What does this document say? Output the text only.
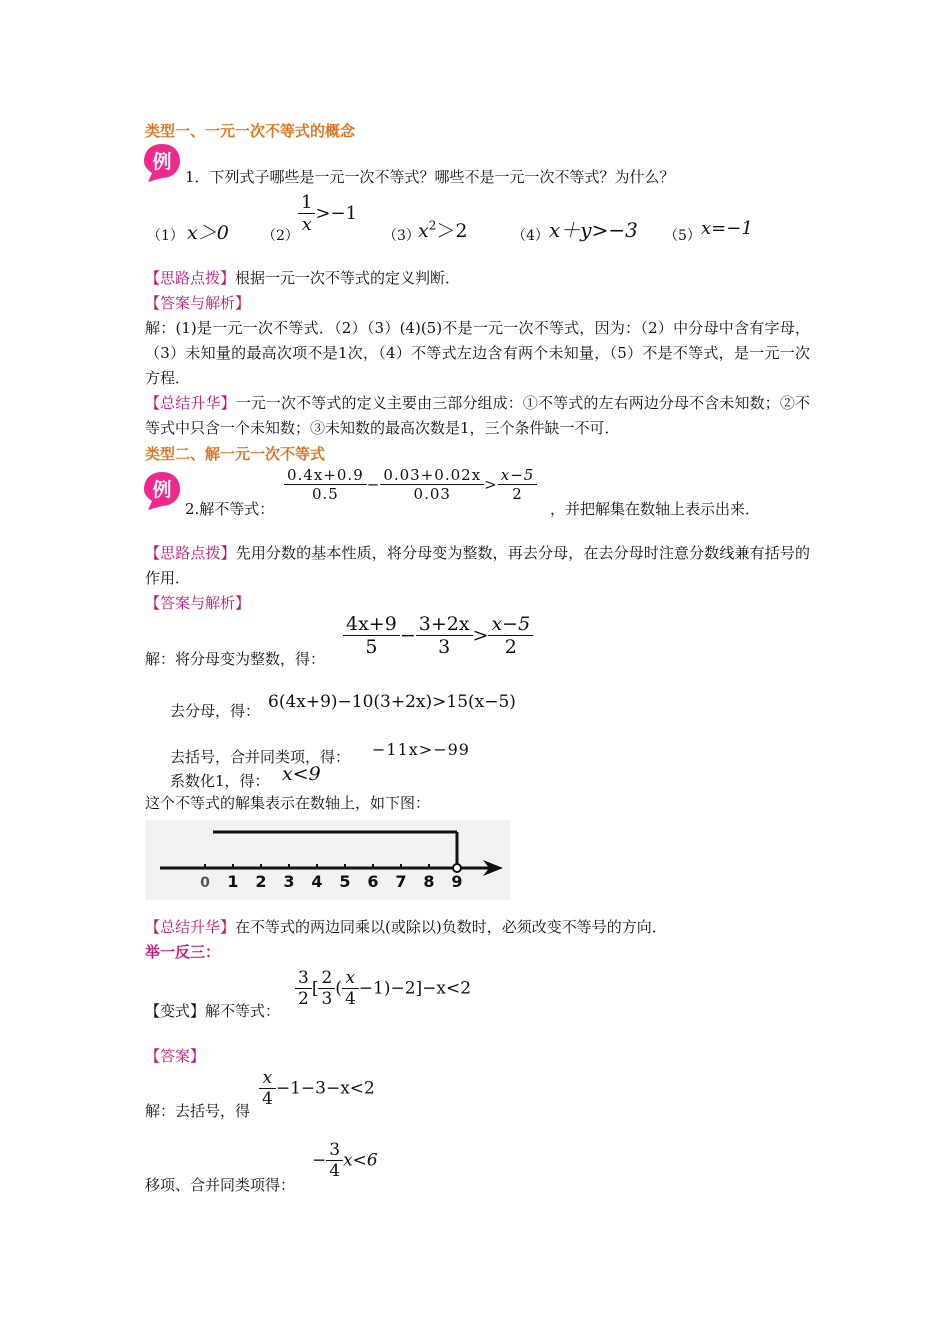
类型一、一元一次不等式的概念
例
1．下列式子哪些是一元一次不等式？哪些不是一元一次不等式？为什么？
（1） x＞0 （2）
$\frac{1}{x} >-1$
（3）
$x^2>2$	（4） x＋y>−3 （5） x=−1
【思路点拨】根据一元一次不等式的定义判断．
【答案与解析】
解：(1)是一元一次不等式．（2）（3）(4)(5)不是一元一次不等式，因为：（2）中分母中含有字母，（3）未知量的最高次项不是1次，（4）不等式左边含有两个未知量，（5）不是不等式，是一元一次方程．
【总结升华】一元一次不等式的定义主要由三部分组成：①不等式的左右两边分母不含未知数；②不等式中只含一个未知数；③未知数的最高次数是1，三个条件缺一不可．
类型二、解一元一次不等式
例
2.解不等式：
$\frac{0.4x+0.9}{0.5} - \frac{0.03+0.02x}{0.03} > \frac{x-5}{2}$
，并把解集在数轴上表示出来．
【思路点拨】先用分数的基本性质，将分母变为整数，再去分母，在去分母时注意分数线兼有括号的作用．
【答案与解析】
解：将分母变为整数，得：
$\frac{4x+9}{5} - \frac{3+2x}{3} > \frac{x-5}{2}$
去分母，得： 6(4x+9)−10(3+2x)>15(x−5)
去括号，合并同类项，得： −11x>−99
系数化1，得： x<9
这个不等式的解集表示在数轴上，如下图：
0 1 2 3 4 5 6 7 8 9
【总结升华】在不等式的两边同乘以(或除以)负数时，必须改变不等号的方向．
举一反三：
【变式】解不等式：
$\frac{3}{2}$ [ $\frac{2}{3}$ ( $\frac{x}{4} -1)-2]-x<2$
【答案】
解：去括号，得
$\frac{x}{4} -1-3-x<2$
移项、合并同类项得：
− $\frac{3}{4} x<6$
